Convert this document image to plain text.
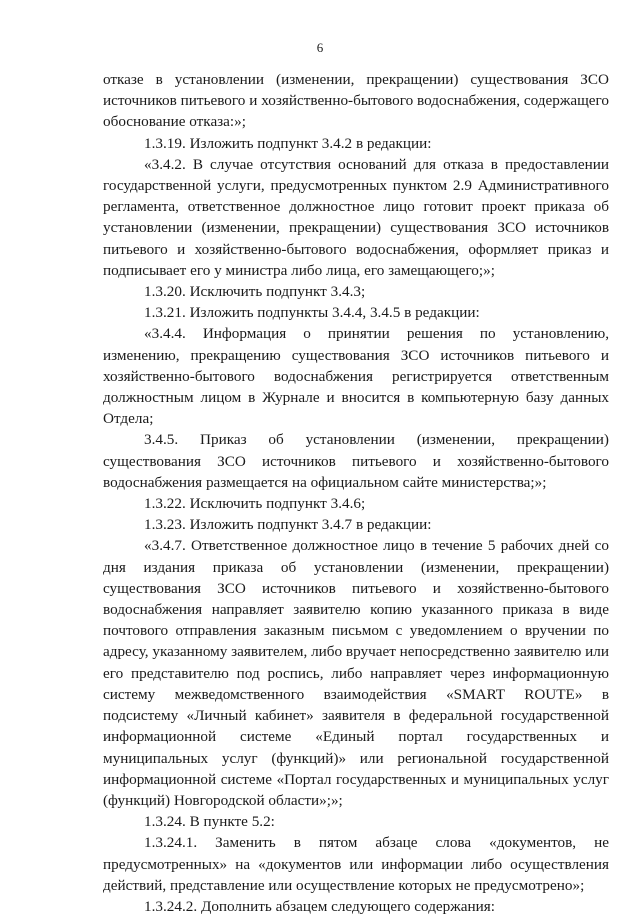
6

отказе в установлении (изменении, прекращении) существования ЗСО источников питьевого и хозяйственно-бытового водоснабжения, содержащего обоснование отказа:»;

1.3.19. Изложить подпункт 3.4.2 в редакции:

«3.4.2. В случае отсутствия оснований для отказа в предоставлении государственной услуги, предусмотренных пунктом 2.9 Административного регламента, ответственное должностное лицо готовит проект приказа об установлении (изменении, прекращении) существования ЗСО источников питьевого и хозяйственно-бытового водоснабжения, оформляет приказ и подписывает его у министра либо лица, его замещающего;»;

1.3.20. Исключить подпункт 3.4.3;

1.3.21. Изложить подпункты 3.4.4, 3.4.5 в редакции:

«3.4.4. Информация о принятии решения по установлению, изменению, прекращению существования ЗСО источников питьевого и хозяйственно-бытового водоснабжения регистрируется ответственным должностным лицом в Журнале и вносится в компьютерную базу данных Отдела;

3.4.5. Приказ об установлении (изменении, прекращении) существования ЗСО источников питьевого и хозяйственно-бытового водоснабжения размещается на официальном сайте министерства;»;

1.3.22. Исключить подпункт 3.4.6;

1.3.23. Изложить подпункт 3.4.7 в редакции:

«3.4.7. Ответственное должностное лицо в течение 5 рабочих дней со дня издания приказа об установлении (изменении, прекращении) существования ЗСО источников питьевого и хозяйственно-бытового водоснабжения направляет заявителю копию указанного приказа в виде почтового отправления заказным письмом с уведомлением о вручении по адресу, указанному заявителем, либо вручает непосредственно заявителю или его представителю под роспись, либо направляет через информационную систему межведомственного взаимодействия «SMART ROUTE» в подсистему «Личный кабинет» заявителя в федеральной государственной информационной системе «Единый портал государственных и муниципальных услуг (функций)» или региональной государственной информационной системе «Портал государственных и муниципальных услуг (функций) Новгородской области»;»;

1.3.24. В пункте 5.2:

1.3.24.1. Заменить в пятом абзаце слова «документов, не предусмотренных» на «документов или информации либо осуществления действий, представление или осуществление которых не предусмотрено»;

1.3.24.2. Дополнить абзацем следующего содержания:
